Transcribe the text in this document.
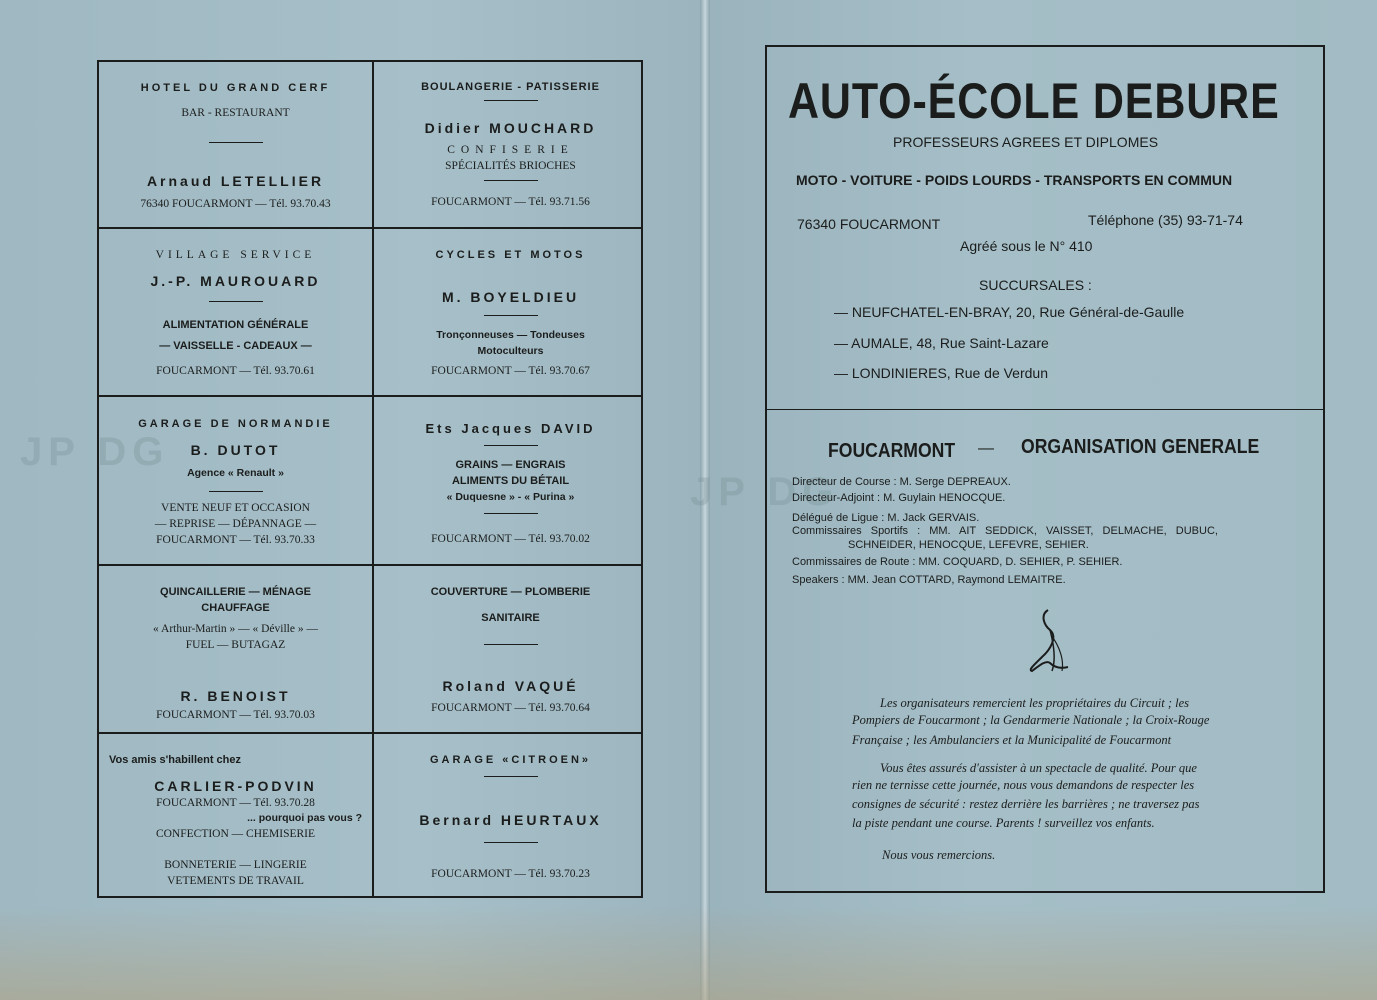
JP DG
JP DG
HOTEL DU GRAND CERF
BAR - RESTAURANT
Arnaud LETELLIER
76340 FOUCARMONT — Tél. 93.70.43
BOULANGERIE - PATISSERIE
Didier MOUCHARD
CONFISERIE
SPÉCIALITÉS BRIOCHES
FOUCARMONT — Tél. 93.71.56
VILLAGE SERVICE
J.-P. MAUROUARD
ALIMENTATION GÉNÉRALE
— VAISSELLE - CADEAUX —
FOUCARMONT — Tél. 93.70.61
CYCLES ET MOTOS
M. BOYELDIEU
Tronçonneuses — Tondeuses
Motoculteurs
FOUCARMONT — Tél. 93.70.67
GARAGE DE NORMANDIE
B. DUTOT
Agence « Renault »
VENTE NEUF ET OCCASION
— REPRISE — DÉPANNAGE —
FOUCARMONT — Tél. 93.70.33
Ets Jacques DAVID
GRAINS — ENGRAIS
ALIMENTS DU BÉTAIL
« Duquesne » - « Purina »
FOUCARMONT — Tél. 93.70.02
QUINCAILLERIE — MÉNAGE
CHAUFFAGE
« Arthur-Martin » — « Déville » —
FUEL — BUTAGAZ
R. BENOIST
FOUCARMONT — Tél. 93.70.03
COUVERTURE — PLOMBERIE
SANITAIRE
Roland VAQUÉ
FOUCARMONT — Tél. 93.70.64
Vos amis s'habillent chez
CARLIER-PODVIN
FOUCARMONT — Tél. 93.70.28
... pourquoi pas vous ?
CONFECTION — CHEMISERIE
BONNETERIE — LINGERIE
VETEMENTS DE TRAVAIL
GARAGE «CITROEN»
Bernard HEURTAUX
FOUCARMONT — Tél. 93.70.23
AUTO-ÉCOLE DEBURE
PROFESSEURS AGREES ET DIPLOMES
MOTO - VOITURE - POIDS LOURDS - TRANSPORTS EN COMMUN
76340 FOUCARMONT	Téléphone (35) 93-71-74
Agréé sous le N° 410
SUCCURSALES :
— NEUFCHATEL-EN-BRAY, 20, Rue Général-de-Gaulle
— AUMALE, 48, Rue Saint-Lazare
— LONDINIERES, Rue de Verdun
FOUCARMONT — ORGANISATION GENERALE
Directeur de Course : M. Serge DEPREAUX.
Directeur-Adjoint : M. Guylain HENOCQUE.
Délégué de Ligue : M. Jack GERVAIS.
Commissaires Sportifs : MM. AIT SEDDICK, VAISSET, DELMACHE, DUBUC,
SCHNEIDER, HENOCQUE, LEFEVRE, SEHIER.
Commissaires de Route : MM. COQUARD, D. SEHIER, P. SEHIER.
Speakers : MM. Jean COTTARD, Raymond LEMAITRE.
Les organisateurs remercient les propriétaires du Circuit ; les
Pompiers de Foucarmont ; la Gendarmerie Nationale ; la Croix-Rouge
Française ; les Ambulanciers et la Municipalité de Foucarmont
Vous êtes assurés d'assister à un spectacle de qualité. Pour que
rien ne ternisse cette journée, nous vous demandons de respecter les
consignes de sécurité : restez derrière les barrières ; ne traversez pas
la piste pendant une course. Parents ! surveillez vos enfants.
Nous vous remercions.
